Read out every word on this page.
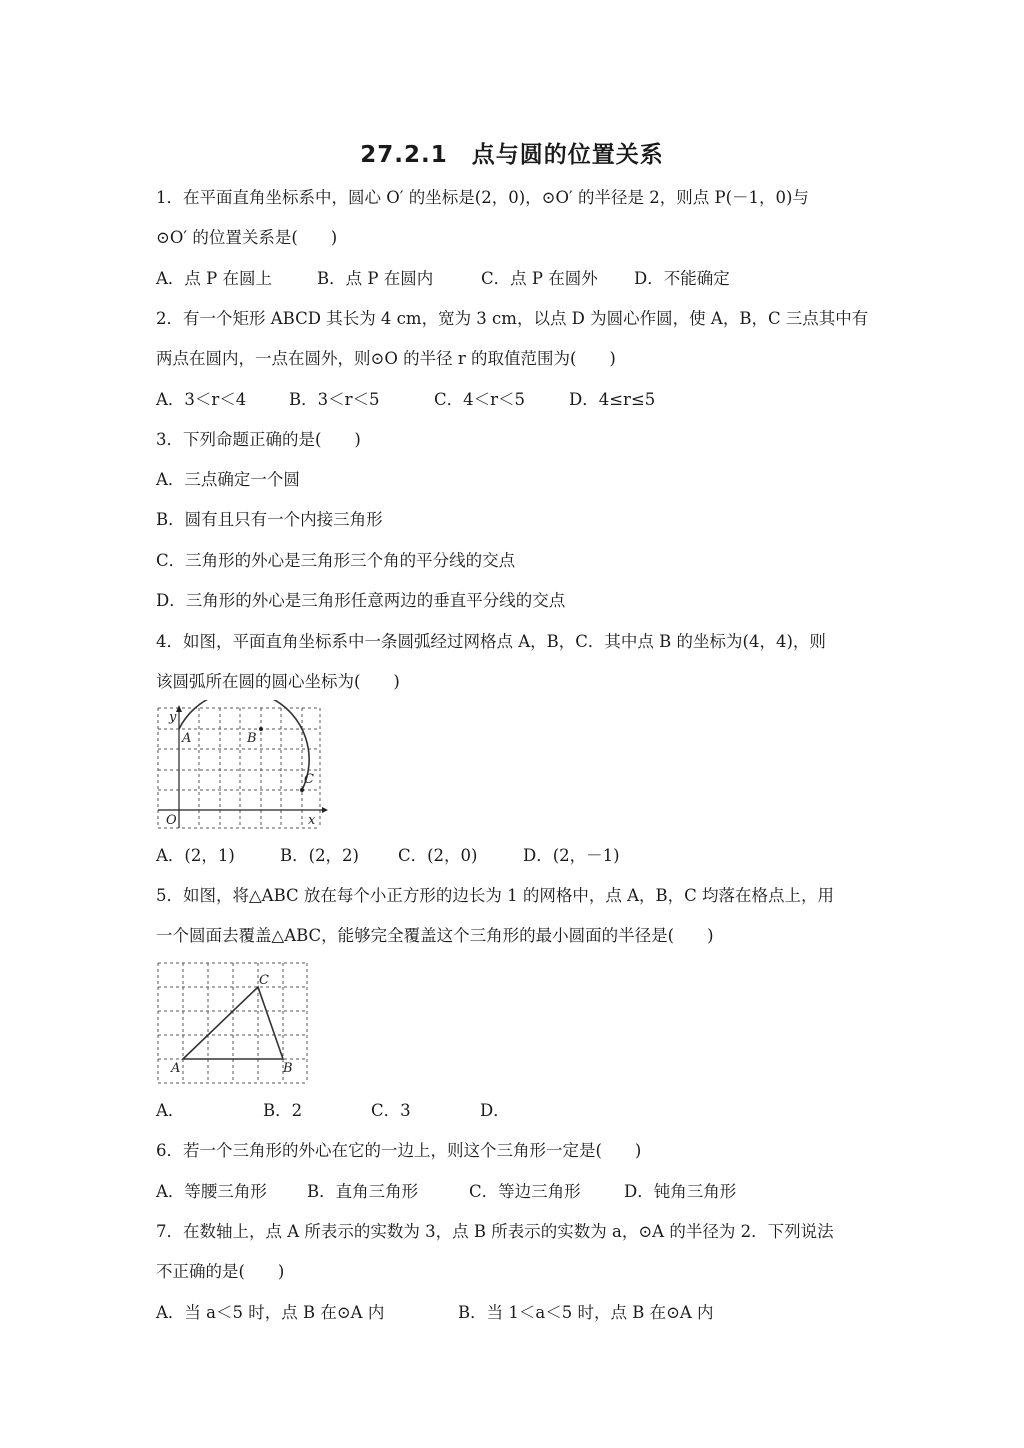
27.2.1　点与圆的位置关系
1．在平面直角坐标系中，圆心 O′ 的坐标是(2，0)，⊙O′ 的半径是 2，则点 P(－1，0)与
⊙O′ 的位置关系是(　　)
A．点 P 在圆上	B．点 P 在圆内	C．点 P 在圆外 D．不能确定
2．有一个矩形 ABCD 其长为 4 cm，宽为 3 cm，以点 D 为圆心作圆，使 A，B，C 三点其中有
两点在圆内，一点在圆外，则⊙O 的半径 r 的取值范围为(　　)
A．3＜r＜4	B．3＜r＜5	C．4＜r＜5	D．4≤r≤5
3．下列命题正确的是(　　)
A．三点确定一个圆
B．圆有且只有一个内接三角形
C．三角形的外心是三角形三个角的平分线的交点
D．三角形的外心是三角形任意两边的垂直平分线的交点
4．如图，平面直角坐标系中一条圆弧经过网格点 A，B，C．其中点 B 的坐标为(4，4)，则
该圆弧所在圆的圆心坐标为(　　)
y
A	B
C
O	x
A．(2，1)	B．(2，2) C．(2，0)	D．(2，－1)
5．如图，将△ABC 放在每个小正方形的边长为 1 的网格中，点 A，B，C 均落在格点上，用
一个圆面去覆盖△ABC，能够完全覆盖这个三角形的最小圆面的半径是(　　)
A	B
C
A．	B．2	C．3	D．
6．若一个三角形的外心在它的一边上，则这个三角形一定是(　　)
A．等腰三角形 B．直角三角形	C．等边三角形	D．钝角三角形
7．在数轴上，点 A 所表示的实数为 3，点 B 所表示的实数为 a，⊙A 的半径为 2．下列说法
不正确的是(　　)
A．当 a＜5 时，点 B 在⊙A 内	B．当 1＜a＜5 时，点 B 在⊙A 内
